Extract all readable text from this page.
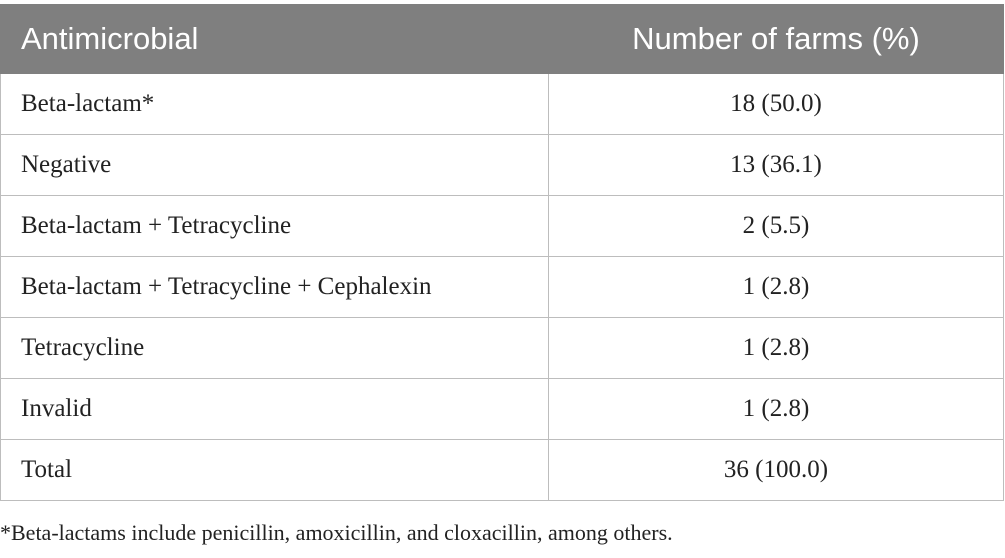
Antimicrobial	Number of farms (%)
Beta-lactam*	18 (50.0)
Negative	13 (36.1)
Beta-lactam + Tetracycline	2 (5.5)
Beta-lactam + Tetracycline + Cephalexin	1 (2.8)
Tetracycline	1 (2.8)
Invalid	1 (2.8)
Total	36 (100.0)
*Beta-lactams include penicillin, amoxicillin, and cloxacillin, among others.
